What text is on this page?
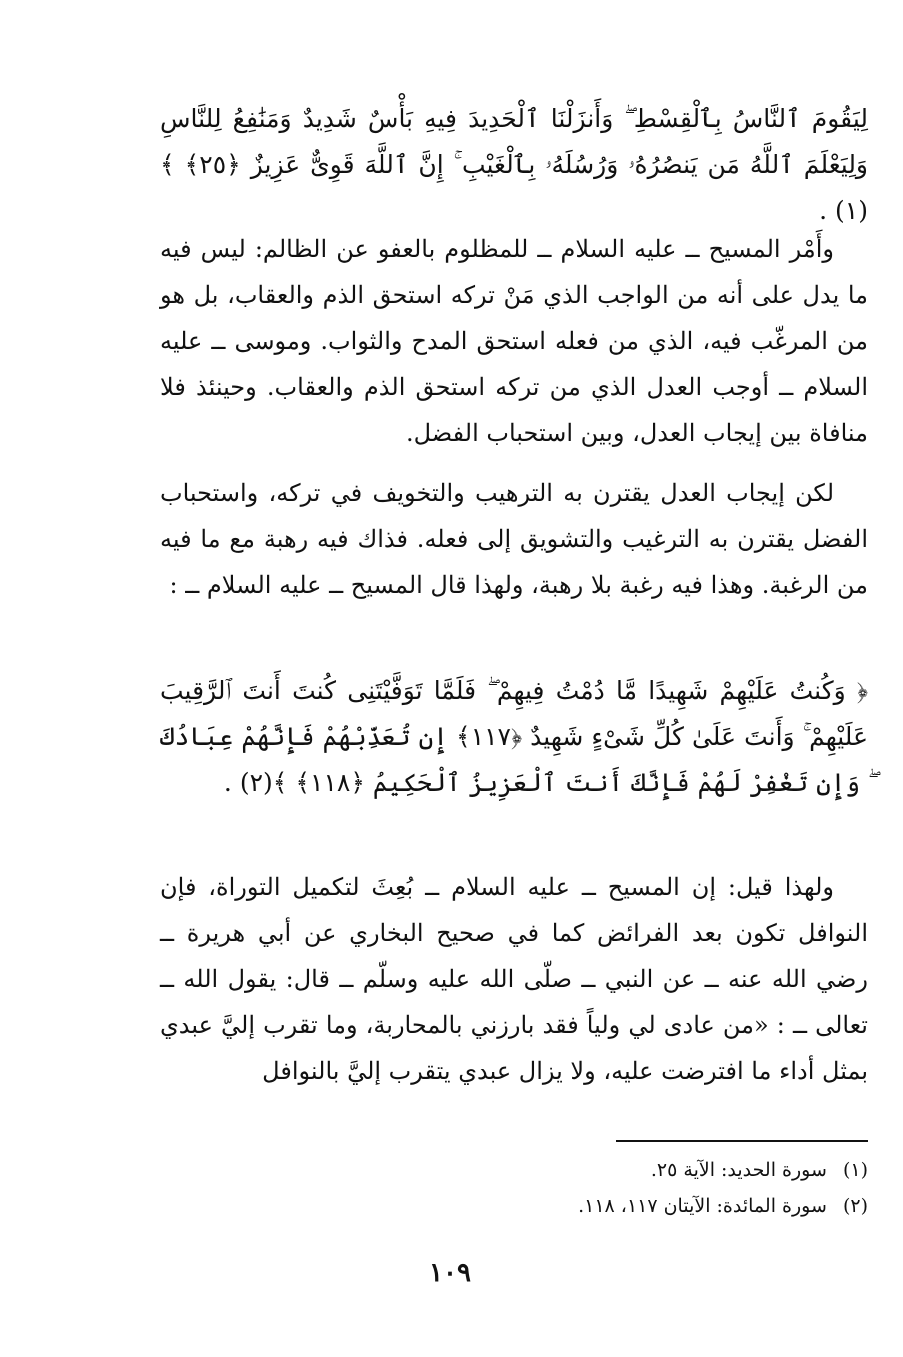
لِيَقُومَ ٱلنَّاسُ بِٱلْقِسْطِ ۖ وَأَنزَلْنَا ٱلْحَدِيدَ فِيهِ بَأْسٌ شَدِيدٌ وَمَنَٰفِعُ لِلنَّاسِ وَلِيَعْلَمَ ٱللَّهُ مَن يَنصُرُهُۥ وَرُسُلَهُۥ بِٱلْغَيْبِ ۚ إِنَّ ٱللَّهَ قَوِىٌّ عَزِيزٌ ﴿٢٥﴾ ﴾(١) .
وأَمْر المسيح ــ عليه السلام ــ للمظلوم بالعفو عن الظالم: ليس فيه ما يدل على أنه من الواجب الذي مَنْ تركه استحق الذم والعقاب، بل هو من المرغّب فيه، الذي من فعله استحق المدح والثواب. وموسى ــ عليه السلام ــ أوجب العدل الذي من تركه استحق الذم والعقاب. وحينئذ فلا منافاة بين إيجاب العدل، وبين استحباب الفضل.
لكن إيجاب العدل يقترن به الترهيب والتخويف في تركه، واستحباب الفضل يقترن به الترغيب والتشويق إلى فعله. فذاك فيه رهبة مع ما فيه من الرغبة. وهذا فيه رغبة بلا رهبة، ولهذا قال المسيح ــ عليه السلام ــ :
﴿ وَكُنتُ عَلَيْهِمْ شَهِيدًا مَّا دُمْتُ فِيهِمْ ۖ فَلَمَّا تَوَفَّيْتَنِى كُنتَ أَنتَ ٱلرَّقِيبَ عَلَيْهِمْ ۚ وَأَنتَ عَلَىٰ كُلِّ شَىْءٍ شَهِيدٌ ﴿١١٧﴾ إِن تُعَذِّبْهُمْ فَإِنَّهُمْ عِبَادُكَ ۖ وَإِن تَغْفِرْ لَهُمْ فَإِنَّكَ أَنتَ ٱلْعَزِيزُ ٱلْحَكِيمُ ﴿١١٨﴾ ﴾(٢) .
ولهذا قيل: إن المسيح ــ عليه السلام ــ بُعِثَ لتكميل التوراة، فإن النوافل تكون بعد الفرائض كما في صحيح البخاري عن أبي هريرة ــ رضي الله عنه ــ عن النبي ــ صلّى الله عليه وسلّم ــ قال: يقول الله ــ تعالى ــ : «من عادى لي ولياً فقد بارزني بالمحاربة، وما تقرب إليَّ عبدي بمثل أداء ما افترضت عليه، ولا يزال عبدي يتقرب إليَّ بالنوافل
(١) سورة الحديد: الآية ٢٥.
(٢) سورة المائدة: الآيتان ١١٧، ١١٨.
١٠٩
